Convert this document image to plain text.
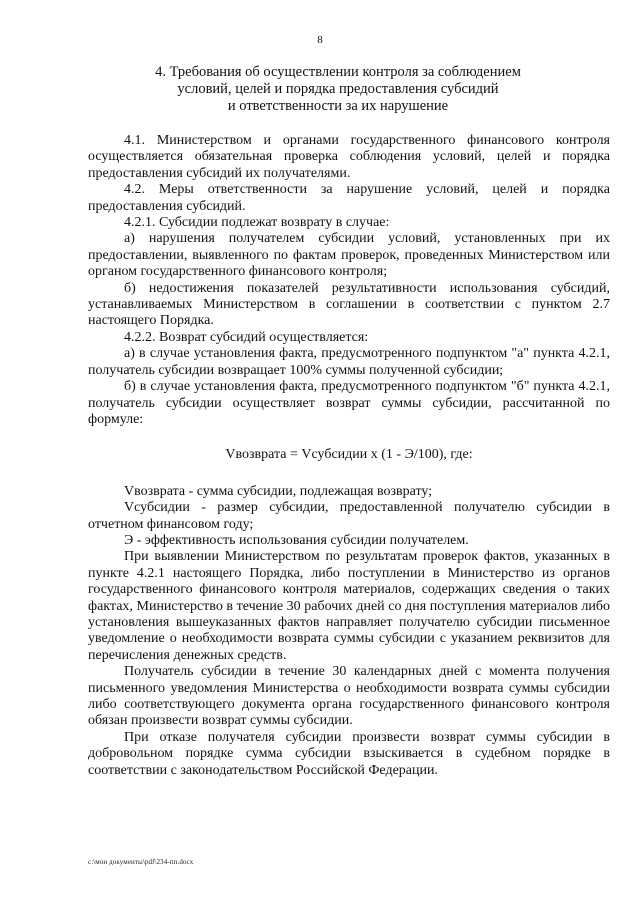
8
4. Требования об осуществлении контроля за соблюдением
условий, целей и порядка предоставления субсидий
и ответственности за их нарушение

4.1. Министерством и органами государственного финансового контроля осуществляется обязательная проверка соблюдения условий, целей и порядка предоставления субсидий их получателями.

4.2. Меры ответственности за нарушение условий, целей и порядка предоставления субсидий.

4.2.1. Субсидии подлежат возврату в случае:

а) нарушения получателем субсидии условий, установленных при их предоставлении, выявленного по фактам проверок, проведенных Министерством или органом государственного финансового контроля;

б) недостижения показателей результативности использования субсидий, устанавливаемых Министерством в соглашении в соответствии с пунктом 2.7 настоящего Порядка.

4.2.2. Возврат субсидий осуществляется:

а) в случае установления факта, предусмотренного подпунктом "а" пункта 4.2.1, получатель субсидии возвращает 100% суммы полученной субсидии;

б) в случае установления факта, предусмотренного подпунктом "б" пункта 4.2.1, получатель субсидии осуществляет возврат суммы субсидии, рассчитанной по формуле:

Vвозврата = Vсубсидии x (1 - Э/100), где:

Vвозврата - сумма субсидии, подлежащая возврату;

Vсубсидии - размер субсидии, предоставленной получателю субсидии в отчетном финансовом году;

Э - эффективность использования субсидии получателем.

При выявлении Министерством по результатам проверок фактов, указанных в пункте 4.2.1 настоящего Порядка, либо поступлении в Министерство из органов государственного финансового контроля материалов, содержащих сведения о таких фактах, Министерство в течение 30 рабочих дней со дня поступления материалов либо установления вышеуказанных фактов направляет получателю субсидии письменное уведомление о необходимости возврата суммы субсидии с указанием реквизитов для перечисления денежных средств.

Получатель субсидии в течение 30 календарных дней с момента получения письменного уведомления Министерства о необходимости возврата суммы субсидии либо соответствующего документа органа государственного финансового контроля обязан произвести возврат суммы субсидии.

При отказе получателя субсидии произвести возврат суммы субсидии в добровольном порядке сумма субсидии взыскивается в судебном порядке в соответствии с законодательством Российской Федерации.

c:\мои документы\pdf\234-пп.docx
